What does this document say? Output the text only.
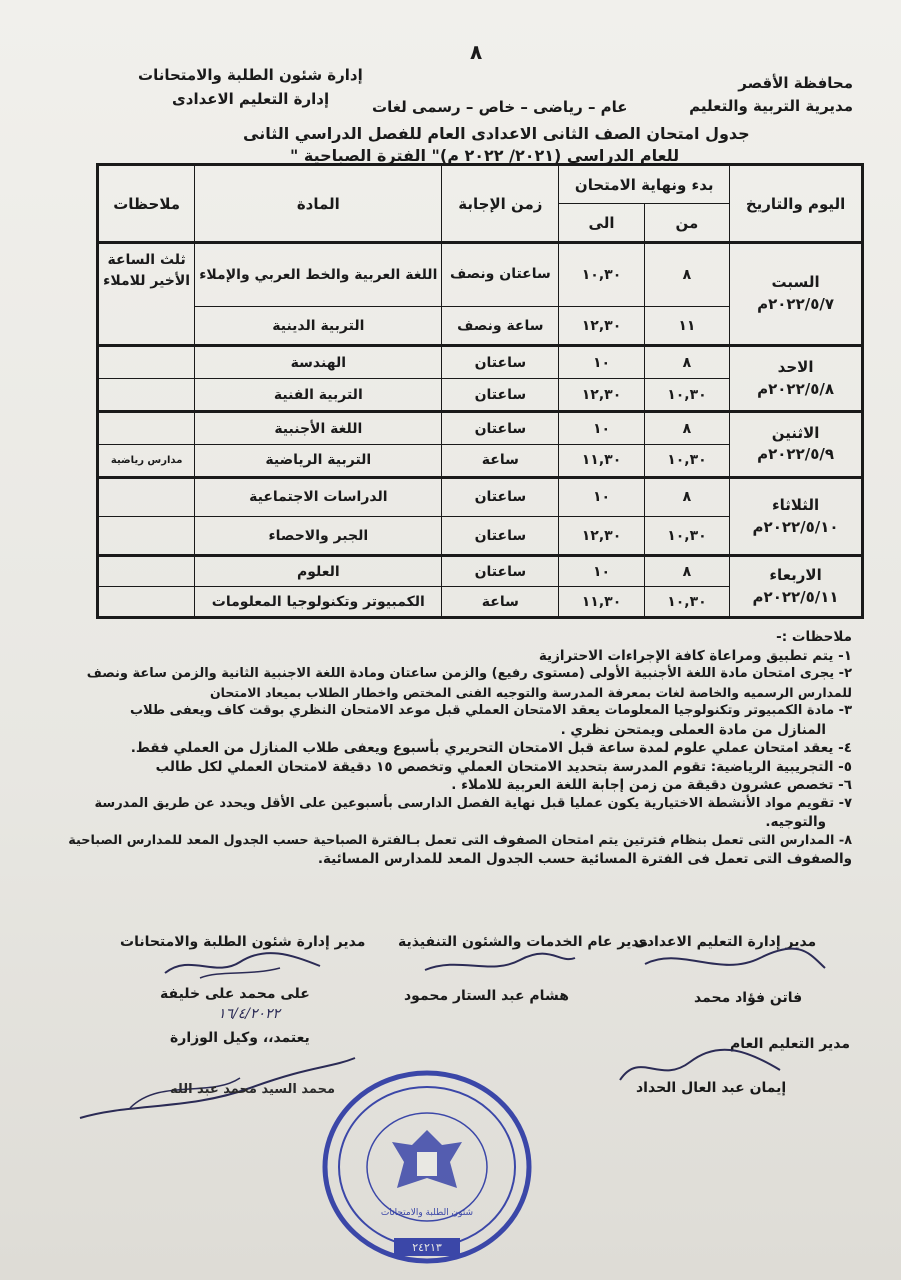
٨
محافظة الأقصر
مديرية التربية والتعليم
إدارة شئون الطلبة والامتحانات
إدارة التعليم الاعدادى	عام – رياضى – خاص – رسمى لغات
جدول امتحان الصف الثانى الاعدادى العام للفصل الدراسي الثانى
للعام الدراسي (٢٠٢١/ ٢٠٢٢ م)" الفترة الصباحية "
اليوم والتاريخ	بدء ونهاية الامتحان		زمن الإجابة	المادة	ملاحظات
	من	الى			

السبت
٢٠٢٢/٥/٧م	٨	١٠,٣٠	ساعتان ونصف	اللغة العربية والخط العربي والإملاء	ثلث الساعة الأخير للاملاء
	١١	١٢,٣٠	ساعة ونصف	التربية الدينية	

الاحد
٢٠٢٢/٥/٨م	٨	١٠	ساعتان	الهندسة	
	١٠,٣٠	١٢,٣٠	ساعتان	التربية الفنية	

الاثنين
٢٠٢٢/٥/٩م	٨	١٠	ساعتان	اللغة الأجنبية	
	١٠,٣٠	١١,٣٠	ساعة	التربية الرياضية	مدارس رياضية

الثلاثاء
٢٠٢٢/٥/١٠م	٨	١٠	ساعتان	الدراسات الاجتماعية	
	١٠,٣٠	١٢,٣٠	ساعتان	الجبر والاحصاء	

الاربعاء
٢٠٢٢/٥/١١م	٨	١٠	ساعتان	العلوم	
	١٠,٣٠	١١,٣٠	ساعة	الكمبيوتر وتكنولوجيا المعلومات	
ملاحظات :-
١- يتم تطبيق ومراعاة كافة الإجراءات الاحترازية
٢- يجرى امتحان مادة اللغة الأجنبية الأولى (مستوى رفيع) والزمن ساعتان ومادة اللغة الاجنبية الثانية والزمن ساعة ونصف
للمدارس الرسميه والخاصة لغات بمعرفة المدرسة والتوجيه الفنى المختص واخطار الطلاب بميعاد الامتحان
٣- مادة الكمبيوتر وتكنولوجيا المعلومات يعقد الامتحان العملي قبل موعد الامتحان النظري بوقت كاف ويعفى طلاب
المنازل من مادة العملى ويمتحن نظري .
٤- يعقد امتحان عملي علوم لمدة ساعة قبل الامتحان التحريري بأسبوع ويعفى طلاب المنازل من العملي فقط.
٥- التجريبية الرياضية: تقوم المدرسة بتحديد الامتحان العملي وتخصص ١٥ دقيقة لامتحان العملي لكل طالب
٦- تخصص عشرون دقيقة من زمن إجابة اللغة العربية للاملاء .
٧- تقويم مواد الأنشطة الاختيارية يكون عمليا قبل نهاية الفصل الدارسى بأسبوعين على الأقل ويحدد عن طريق المدرسة
والتوجيه.
٨- المدارس التى تعمل بنظام فترتين يتم امتحان الصفوف التى تعمل بـالفترة الصباحية حسب الجدول المعد للمدارس الصباحية
والصفوف التى تعمل فى الفترة المسائية حسب الجدول المعد للمدارس المسائية.
مدير إدارة شئون الطلبة والامتحانات مدير عام الخدمات والشئون التنفيذية
مدير إدارة التعليم الاعدادى
على محمد على خليفة	هشام عبد الستار محمود	فاتن فؤاد محمد
١٦/٤/٢٠٢٢
يعتمد،، وكيل الوزارة	مدير التعليم العام
محمد السيد محمد عبد الله	إيمان عبد العال الحداد
شئون الطلبة والامتحانات
٢٤٢١٣
